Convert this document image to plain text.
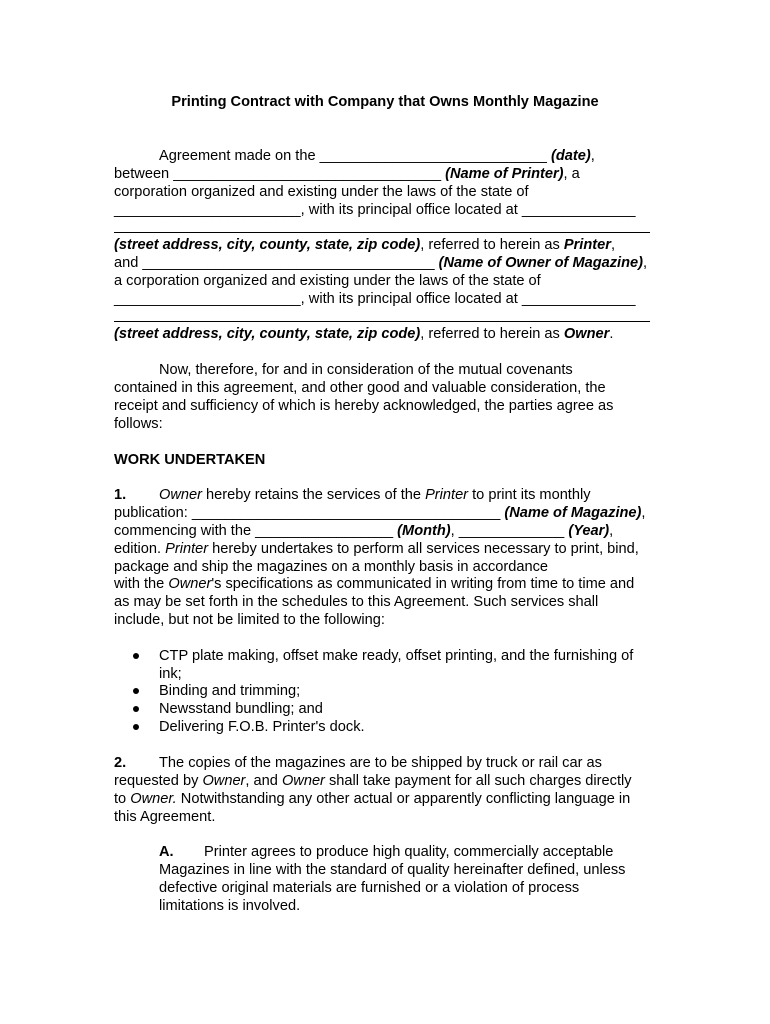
Printing Contract with Company that Owns Monthly Magazine
Agreement made on the ____________________________ (date),
between _________________________________ (Name of Printer), a
corporation organized and existing under the laws of the state of
_______________________, with its principal office located at ______________
(street address, city, county, state, zip code), referred to herein as Printer,
and ____________________________________ (Name of Owner of Magazine),
a corporation organized and existing under the laws of the state of
_______________________, with its principal office located at ______________
(street address, city, county, state, zip code), referred to herein as Owner.
Now, therefore, for and in consideration of the mutual covenants
contained in this agreement, and other good and valuable consideration, the
receipt and sufficiency of which is hereby acknowledged, the parties agree as
follows:
WORK UNDERTAKEN
1. Owner hereby retains the services of the Printer to print its monthly
publication: ______________________________________ (Name of Magazine),
commencing with the _________________ (Month), _____________ (Year),
edition. Printer hereby undertakes to perform all services necessary to print, bind,
package and ship the magazines on a monthly basis in accordance
with the Owner's specifications as communicated in writing from time to time and
as may be set forth in the schedules to this Agreement. Such services shall
include, but not be limited to the following:
CTP plate making, offset make ready, offset printing, and the furnishing of
ink;
Binding and trimming;
Newsstand bundling; and
Delivering F.O.B. Printer's dock.
2. The copies of the magazines are to be shipped by truck or rail car as
requested by Owner, and Owner shall take payment for all such charges directly
to Owner. Notwithstanding any other actual or apparently conflicting language in
this Agreement.
A. Printer agrees to produce high quality, commercially acceptable
Magazines in line with the standard of quality hereinafter defined, unless
defective original materials are furnished or a violation of process
limitations is involved.
